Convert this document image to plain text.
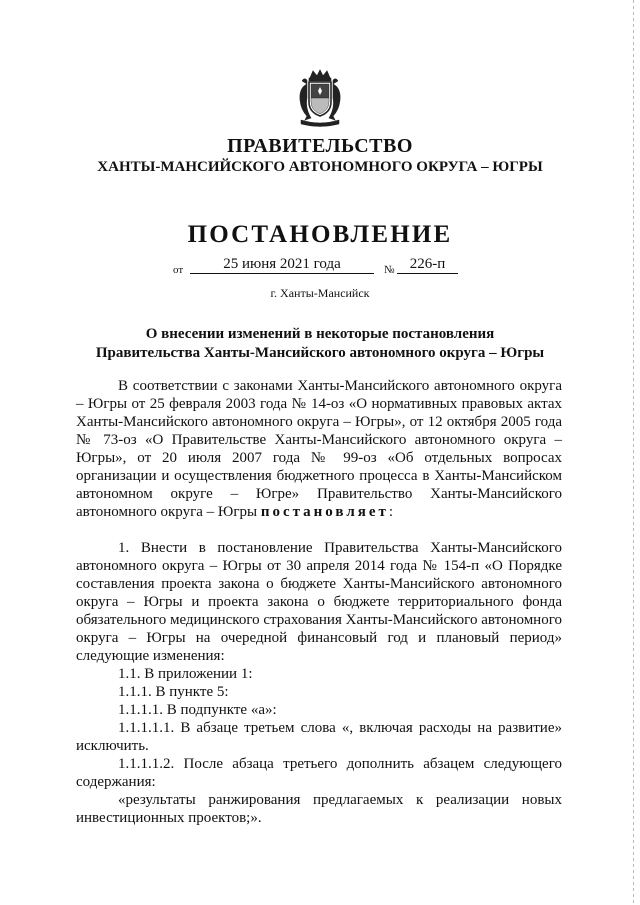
ПРАВИТЕЛЬСТВО
ХАНТЫ-МАНСИЙСКОГО АВТОНОМНОГО ОКРУГА – ЮГРЫ
ПОСТАНОВЛЕНИЕ
от	25 июня 2021 года	№	226-п
г. Ханты-Мансийск
О внесении изменений в некоторые постановления
Правительства Ханты-Мансийского автономного округа – Югры

В соответствии с законами Ханты-Мансийского автономного округа – Югры от 25 февраля 2003 года № 14-оз «О нормативных правовых актах Ханты-Мансийского автономного округа – Югры», от 12 октября 2005 года № 73-оз «О Правительстве Ханты-Мансийского автономного округа – Югры», от 20 июля 2007 года № 99-оз «Об отдельных вопросах организации и осуществления бюджетного процесса в Ханты-Мансийском автономном округе – Югре» Правительство Ханты-Мансийского автономного округа – Югры постановляет:

1. Внести в постановление Правительства Ханты-Мансийского автономного округа – Югры от 30 апреля 2014 года № 154-п «О Порядке составления проекта закона о бюджете Ханты-Мансийского автономного округа – Югры и проекта закона о бюджете территориального фонда обязательного медицинского страхования Ханты-Мансийского автономного округа – Югры на очередной финансовый год и плановый период» следующие изменения:

1.1. В приложении 1:

1.1.1. В пункте 5:

1.1.1.1. В подпункте «а»:

1.1.1.1.1. В абзаце третьем слова «, включая расходы на развитие» исключить.

1.1.1.1.2. После абзаца третьего дополнить абзацем следующего содержания:

«результаты ранжирования предлагаемых к реализации новых инвестиционных проектов;».
